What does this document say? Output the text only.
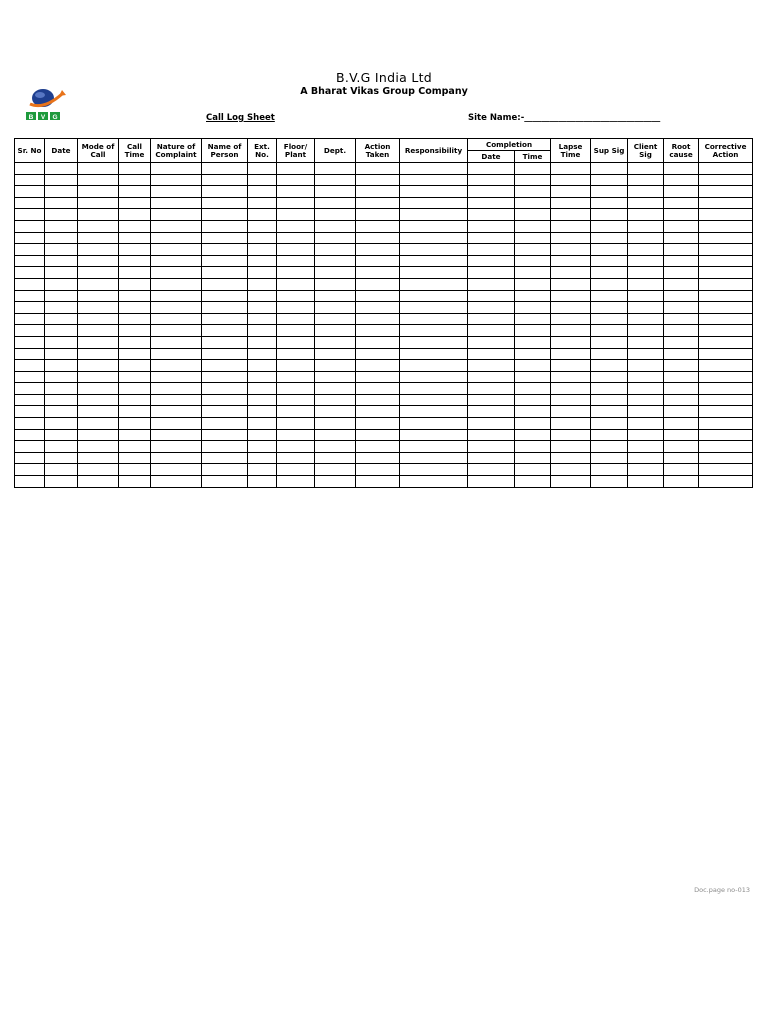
B V G
B.V.G India Ltd
A Bharat Vikas Group Company
Call Log Sheet	Site Name:-________________________________
Sr. No	Date	Mode of Call	Call Time	Nature of Complaint	Name of Person	Ext. No.	Floor/ Plant	Dept.	Action Taken	Responsibility	Completion		Lapse Time	Sup Sig	Client Sig	Root cause	Corrective Action
											Date	Time					

Doc.page no-013
